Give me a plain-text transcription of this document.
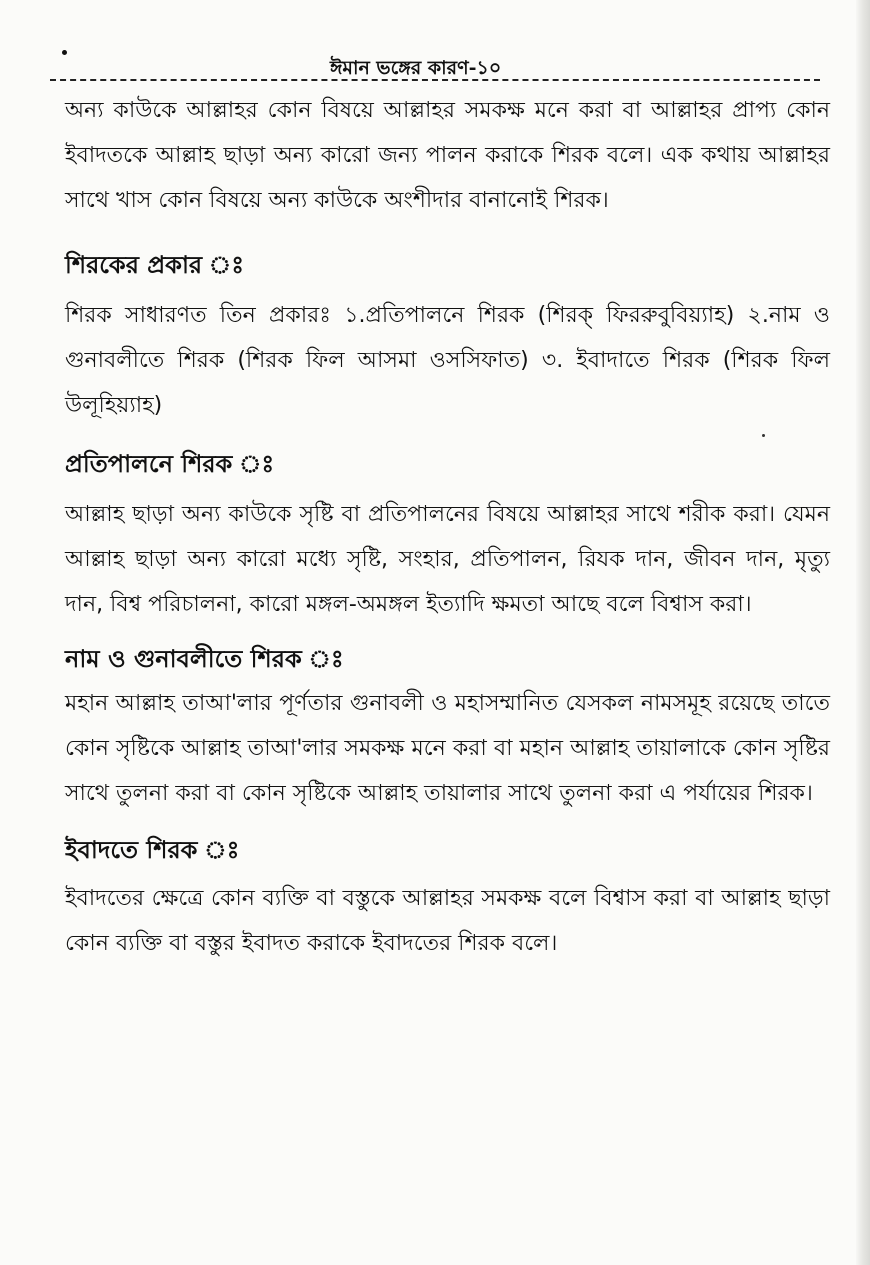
ঈমান ভঙ্গের কারণ-১০

অন্য কাউকে আল্লাহর কোন বিষয়ে আল্লাহর সমকক্ষ মনে করা বা আল্লাহর প্রাপ্য কোন ইবাদতকে আল্লাহ ছাড়া অন্য কারো জন্য পালন করাকে শিরক বলে। এক কথায় আল্লাহর সাথে খাস কোন বিষয়ে অন্য কাউকে অংশীদার বানানোই শিরক।

শিরকের প্রকার ঃ

শিরক সাধারণত তিন প্রকারঃ ১.প্রতিপালনে শিরক (শিরক্‌ ফিররুবুবিয়্যাহ) ২.নাম ও গুনাবলীতে শিরক (শিরক ফিল আসমা ওসসিফাত) ৩. ইবাদাতে শিরক (শিরক ফিল উলূহিয়্যাহ)

প্রতিপালনে শিরক ঃ

আল্লাহ ছাড়া অন্য কাউকে সৃষ্টি বা প্রতিপালনের বিষয়ে আল্লাহর সাথে শরীক করা। যেমন আল্লাহ ছাড়া অন্য কারো মধ্যে সৃষ্টি, সংহার, প্রতিপালন, রিযক দান, জীবন দান, মৃত্যু দান, বিশ্ব পরিচালনা, কারো মঙ্গল-অমঙ্গল ইত্যাদি ক্ষমতা আছে বলে বিশ্বাস করা।

নাম ও গুনাবলীতে শিরক ঃ

মহান আল্লাহ তাআ'লার পূর্ণতার গুনাবলী ও মহাসম্মানিত যেসকল নামসমূহ রয়েছে তাতে কোন সৃষ্টিকে আল্লাহ তাআ'লার সমকক্ষ মনে করা বা মহান আল্লাহ তায়ালাকে কোন সৃষ্টির সাথে তুলনা করা বা কোন সৃষ্টিকে আল্লাহ তায়ালার সাথে তুলনা করা এ পর্যায়ের শিরক।

ইবাদতে শিরক ঃ

ইবাদতের ক্ষেত্রে কোন ব্যক্তি বা বস্তুকে আল্লাহর সমকক্ষ বলে বিশ্বাস করা বা আল্লাহ ছাড়া কোন ব্যক্তি বা বস্তুর ইবাদত করাকে ইবাদতের শিরক বলে।
